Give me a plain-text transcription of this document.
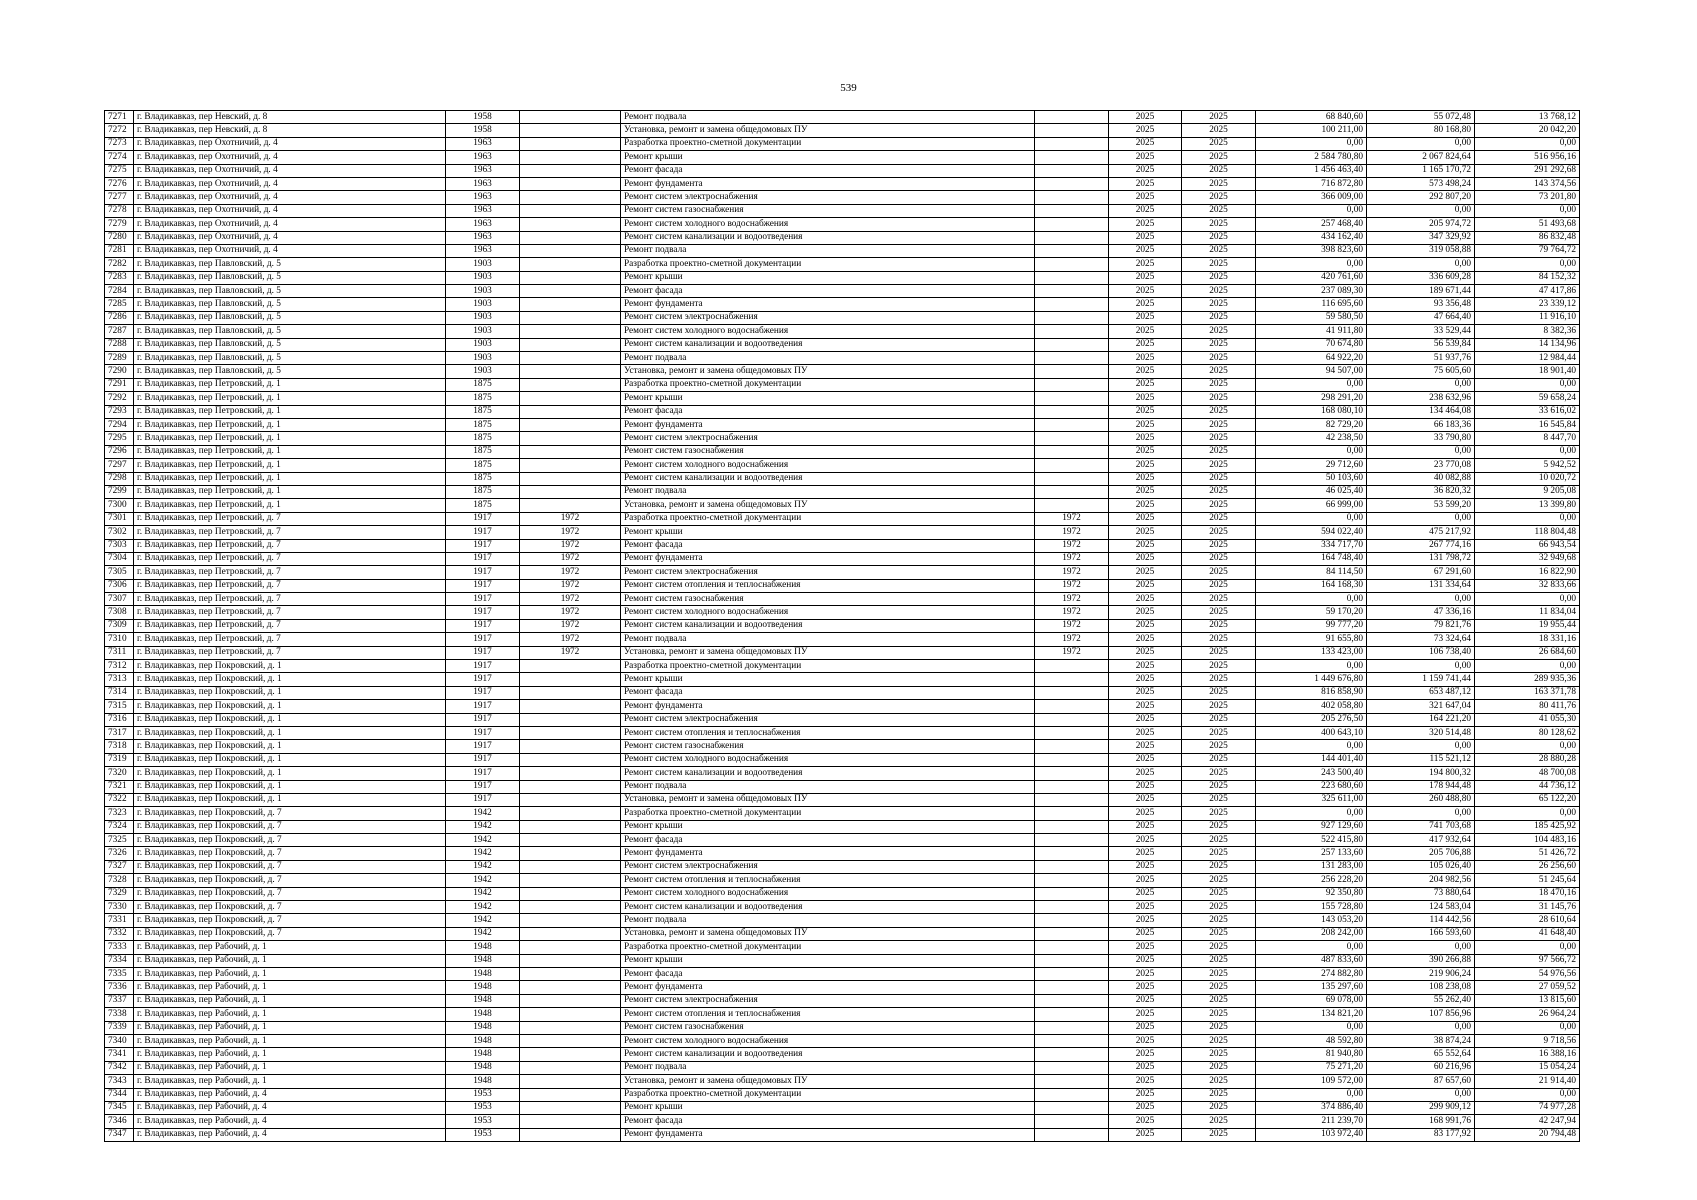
539
7271	г. Владикавказ, пер Невский, д. 8	1958		Ремонт подвала		2025	2025	68 840,60	55 072,48	13 768,12
7272	г. Владикавказ, пер Невский, д. 8	1958		Установка, ремонт и замена общедомовых ПУ		2025	2025	100 211,00	80 168,80	20 042,20
7273	г. Владикавказ, пер Охотничий, д. 4	1963		Разработка проектно-сметной документации		2025	2025	0,00	0,00	0,00
7274	г. Владикавказ, пер Охотничий, д. 4	1963		Ремонт крыши		2025	2025	2 584 780,80	2 067 824,64	516 956,16
7275	г. Владикавказ, пер Охотничий, д. 4	1963		Ремонт фасада		2025	2025	1 456 463,40	1 165 170,72	291 292,68
7276	г. Владикавказ, пер Охотничий, д. 4	1963		Ремонт фундамента		2025	2025	716 872,80	573 498,24	143 374,56
7277	г. Владикавказ, пер Охотничий, д. 4	1963		Ремонт систем электроснабжения		2025	2025	366 009,00	292 807,20	73 201,80
7278	г. Владикавказ, пер Охотничий, д. 4	1963		Ремонт систем газоснабжения		2025	2025	0,00	0,00	0,00
7279	г. Владикавказ, пер Охотничий, д. 4	1963		Ремонт систем холодного водоснабжения		2025	2025	257 468,40	205 974,72	51 493,68
7280	г. Владикавказ, пер Охотничий, д. 4	1963		Ремонт систем канализации и водоотведения		2025	2025	434 162,40	347 329,92	86 832,48
7281	г. Владикавказ, пер Охотничий, д. 4	1963		Ремонт подвала		2025	2025	398 823,60	319 058,88	79 764,72
7282	г. Владикавказ, пер Павловский, д. 5	1903		Разработка проектно-сметной документации		2025	2025	0,00	0,00	0,00
7283	г. Владикавказ, пер Павловский, д. 5	1903		Ремонт крыши		2025	2025	420 761,60	336 609,28	84 152,32
7284	г. Владикавказ, пер Павловский, д. 5	1903		Ремонт фасада		2025	2025	237 089,30	189 671,44	47 417,86
7285	г. Владикавказ, пер Павловский, д. 5	1903		Ремонт фундамента		2025	2025	116 695,60	93 356,48	23 339,12
7286	г. Владикавказ, пер Павловский, д. 5	1903		Ремонт систем электроснабжения		2025	2025	59 580,50	47 664,40	11 916,10
7287	г. Владикавказ, пер Павловский, д. 5	1903		Ремонт систем холодного водоснабжения		2025	2025	41 911,80	33 529,44	8 382,36
7288	г. Владикавказ, пер Павловский, д. 5	1903		Ремонт систем канализации и водоотведения		2025	2025	70 674,80	56 539,84	14 134,96
7289	г. Владикавказ, пер Павловский, д. 5	1903		Ремонт подвала		2025	2025	64 922,20	51 937,76	12 984,44
7290	г. Владикавказ, пер Павловский, д. 5	1903		Установка, ремонт и замена общедомовых ПУ		2025	2025	94 507,00	75 605,60	18 901,40
7291	г. Владикавказ, пер Петровский, д. 1	1875		Разработка проектно-сметной документации		2025	2025	0,00	0,00	0,00
7292	г. Владикавказ, пер Петровский, д. 1	1875		Ремонт крыши		2025	2025	298 291,20	238 632,96	59 658,24
7293	г. Владикавказ, пер Петровский, д. 1	1875		Ремонт фасада		2025	2025	168 080,10	134 464,08	33 616,02
7294	г. Владикавказ, пер Петровский, д. 1	1875		Ремонт фундамента		2025	2025	82 729,20	66 183,36	16 545,84
7295	г. Владикавказ, пер Петровский, д. 1	1875		Ремонт систем электроснабжения		2025	2025	42 238,50	33 790,80	8 447,70
7296	г. Владикавказ, пер Петровский, д. 1	1875		Ремонт систем газоснабжения		2025	2025	0,00	0,00	0,00
7297	г. Владикавказ, пер Петровский, д. 1	1875		Ремонт систем холодного водоснабжения		2025	2025	29 712,60	23 770,08	5 942,52
7298	г. Владикавказ, пер Петровский, д. 1	1875		Ремонт систем канализации и водоотведения		2025	2025	50 103,60	40 082,88	10 020,72
7299	г. Владикавказ, пер Петровский, д. 1	1875		Ремонт подвала		2025	2025	46 025,40	36 820,32	9 205,08
7300	г. Владикавказ, пер Петровский, д. 1	1875		Установка, ремонт и замена общедомовых ПУ		2025	2025	66 999,00	53 599,20	13 399,80
7301	г. Владикавказ, пер Петровский, д. 7	1917	1972	Разработка проектно-сметной документации	1972	2025	2025	0,00	0,00	0,00
7302	г. Владикавказ, пер Петровский, д. 7	1917	1972	Ремонт крыши	1972	2025	2025	594 022,40	475 217,92	118 804,48
7303	г. Владикавказ, пер Петровский, д. 7	1917	1972	Ремонт фасада	1972	2025	2025	334 717,70	267 774,16	66 943,54
7304	г. Владикавказ, пер Петровский, д. 7	1917	1972	Ремонт фундамента	1972	2025	2025	164 748,40	131 798,72	32 949,68
7305	г. Владикавказ, пер Петровский, д. 7	1917	1972	Ремонт систем электроснабжения	1972	2025	2025	84 114,50	67 291,60	16 822,90
7306	г. Владикавказ, пер Петровский, д. 7	1917	1972	Ремонт систем отопления и теплоснабжения	1972	2025	2025	164 168,30	131 334,64	32 833,66
7307	г. Владикавказ, пер Петровский, д. 7	1917	1972	Ремонт систем газоснабжения	1972	2025	2025	0,00	0,00	0,00
7308	г. Владикавказ, пер Петровский, д. 7	1917	1972	Ремонт систем холодного водоснабжения	1972	2025	2025	59 170,20	47 336,16	11 834,04
7309	г. Владикавказ, пер Петровский, д. 7	1917	1972	Ремонт систем канализации и водоотведения	1972	2025	2025	99 777,20	79 821,76	19 955,44
7310	г. Владикавказ, пер Петровский, д. 7	1917	1972	Ремонт подвала	1972	2025	2025	91 655,80	73 324,64	18 331,16
7311	г. Владикавказ, пер Петровский, д. 7	1917	1972	Установка, ремонт и замена общедомовых ПУ	1972	2025	2025	133 423,00	106 738,40	26 684,60
7312	г. Владикавказ, пер Покровский, д. 1	1917		Разработка проектно-сметной документации		2025	2025	0,00	0,00	0,00
7313	г. Владикавказ, пер Покровский, д. 1	1917		Ремонт крыши		2025	2025	1 449 676,80	1 159 741,44	289 935,36
7314	г. Владикавказ, пер Покровский, д. 1	1917		Ремонт фасада		2025	2025	816 858,90	653 487,12	163 371,78
7315	г. Владикавказ, пер Покровский, д. 1	1917		Ремонт фундамента		2025	2025	402 058,80	321 647,04	80 411,76
7316	г. Владикавказ, пер Покровский, д. 1	1917		Ремонт систем электроснабжения		2025	2025	205 276,50	164 221,20	41 055,30
7317	г. Владикавказ, пер Покровский, д. 1	1917		Ремонт систем отопления и теплоснабжения		2025	2025	400 643,10	320 514,48	80 128,62
7318	г. Владикавказ, пер Покровский, д. 1	1917		Ремонт систем газоснабжения		2025	2025	0,00	0,00	0,00
7319	г. Владикавказ, пер Покровский, д. 1	1917		Ремонт систем холодного водоснабжения		2025	2025	144 401,40	115 521,12	28 880,28
7320	г. Владикавказ, пер Покровский, д. 1	1917		Ремонт систем канализации и водоотведения		2025	2025	243 500,40	194 800,32	48 700,08
7321	г. Владикавказ, пер Покровский, д. 1	1917		Ремонт подвала		2025	2025	223 680,60	178 944,48	44 736,12
7322	г. Владикавказ, пер Покровский, д. 1	1917		Установка, ремонт и замена общедомовых ПУ		2025	2025	325 611,00	260 488,80	65 122,20
7323	г. Владикавказ, пер Покровский, д. 7	1942		Разработка проектно-сметной документации		2025	2025	0,00	0,00	0,00
7324	г. Владикавказ, пер Покровский, д. 7	1942		Ремонт крыши		2025	2025	927 129,60	741 703,68	185 425,92
7325	г. Владикавказ, пер Покровский, д. 7	1942		Ремонт фасада		2025	2025	522 415,80	417 932,64	104 483,16
7326	г. Владикавказ, пер Покровский, д. 7	1942		Ремонт фундамента		2025	2025	257 133,60	205 706,88	51 426,72
7327	г. Владикавказ, пер Покровский, д. 7	1942		Ремонт систем электроснабжения		2025	2025	131 283,00	105 026,40	26 256,60
7328	г. Владикавказ, пер Покровский, д. 7	1942		Ремонт систем отопления и теплоснабжения		2025	2025	256 228,20	204 982,56	51 245,64
7329	г. Владикавказ, пер Покровский, д. 7	1942		Ремонт систем холодного водоснабжения		2025	2025	92 350,80	73 880,64	18 470,16
7330	г. Владикавказ, пер Покровский, д. 7	1942		Ремонт систем канализации и водоотведения		2025	2025	155 728,80	124 583,04	31 145,76
7331	г. Владикавказ, пер Покровский, д. 7	1942		Ремонт подвала		2025	2025	143 053,20	114 442,56	28 610,64
7332	г. Владикавказ, пер Покровский, д. 7	1942		Установка, ремонт и замена общедомовых ПУ		2025	2025	208 242,00	166 593,60	41 648,40
7333	г. Владикавказ, пер Рабочий, д. 1	1948		Разработка проектно-сметной документации		2025	2025	0,00	0,00	0,00
7334	г. Владикавказ, пер Рабочий, д. 1	1948		Ремонт крыши		2025	2025	487 833,60	390 266,88	97 566,72
7335	г. Владикавказ, пер Рабочий, д. 1	1948		Ремонт фасада		2025	2025	274 882,80	219 906,24	54 976,56
7336	г. Владикавказ, пер Рабочий, д. 1	1948		Ремонт фундамента		2025	2025	135 297,60	108 238,08	27 059,52
7337	г. Владикавказ, пер Рабочий, д. 1	1948		Ремонт систем электроснабжения		2025	2025	69 078,00	55 262,40	13 815,60
7338	г. Владикавказ, пер Рабочий, д. 1	1948		Ремонт систем отопления и теплоснабжения		2025	2025	134 821,20	107 856,96	26 964,24
7339	г. Владикавказ, пер Рабочий, д. 1	1948		Ремонт систем газоснабжения		2025	2025	0,00	0,00	0,00
7340	г. Владикавказ, пер Рабочий, д. 1	1948		Ремонт систем холодного водоснабжения		2025	2025	48 592,80	38 874,24	9 718,56
7341	г. Владикавказ, пер Рабочий, д. 1	1948		Ремонт систем канализации и водоотведения		2025	2025	81 940,80	65 552,64	16 388,16
7342	г. Владикавказ, пер Рабочий, д. 1	1948		Ремонт подвала		2025	2025	75 271,20	60 216,96	15 054,24
7343	г. Владикавказ, пер Рабочий, д. 1	1948		Установка, ремонт и замена общедомовых ПУ		2025	2025	109 572,00	87 657,60	21 914,40
7344	г. Владикавказ, пер Рабочий, д. 4	1953		Разработка проектно-сметной документации		2025	2025	0,00	0,00	0,00
7345	г. Владикавказ, пер Рабочий, д. 4	1953		Ремонт крыши		2025	2025	374 886,40	299 909,12	74 977,28
7346	г. Владикавказ, пер Рабочий, д. 4	1953		Ремонт фасада		2025	2025	211 239,70	168 991,76	42 247,94
7347	г. Владикавказ, пер Рабочий, д. 4	1953		Ремонт фундамента		2025	2025	103 972,40	83 177,92	20 794,48
